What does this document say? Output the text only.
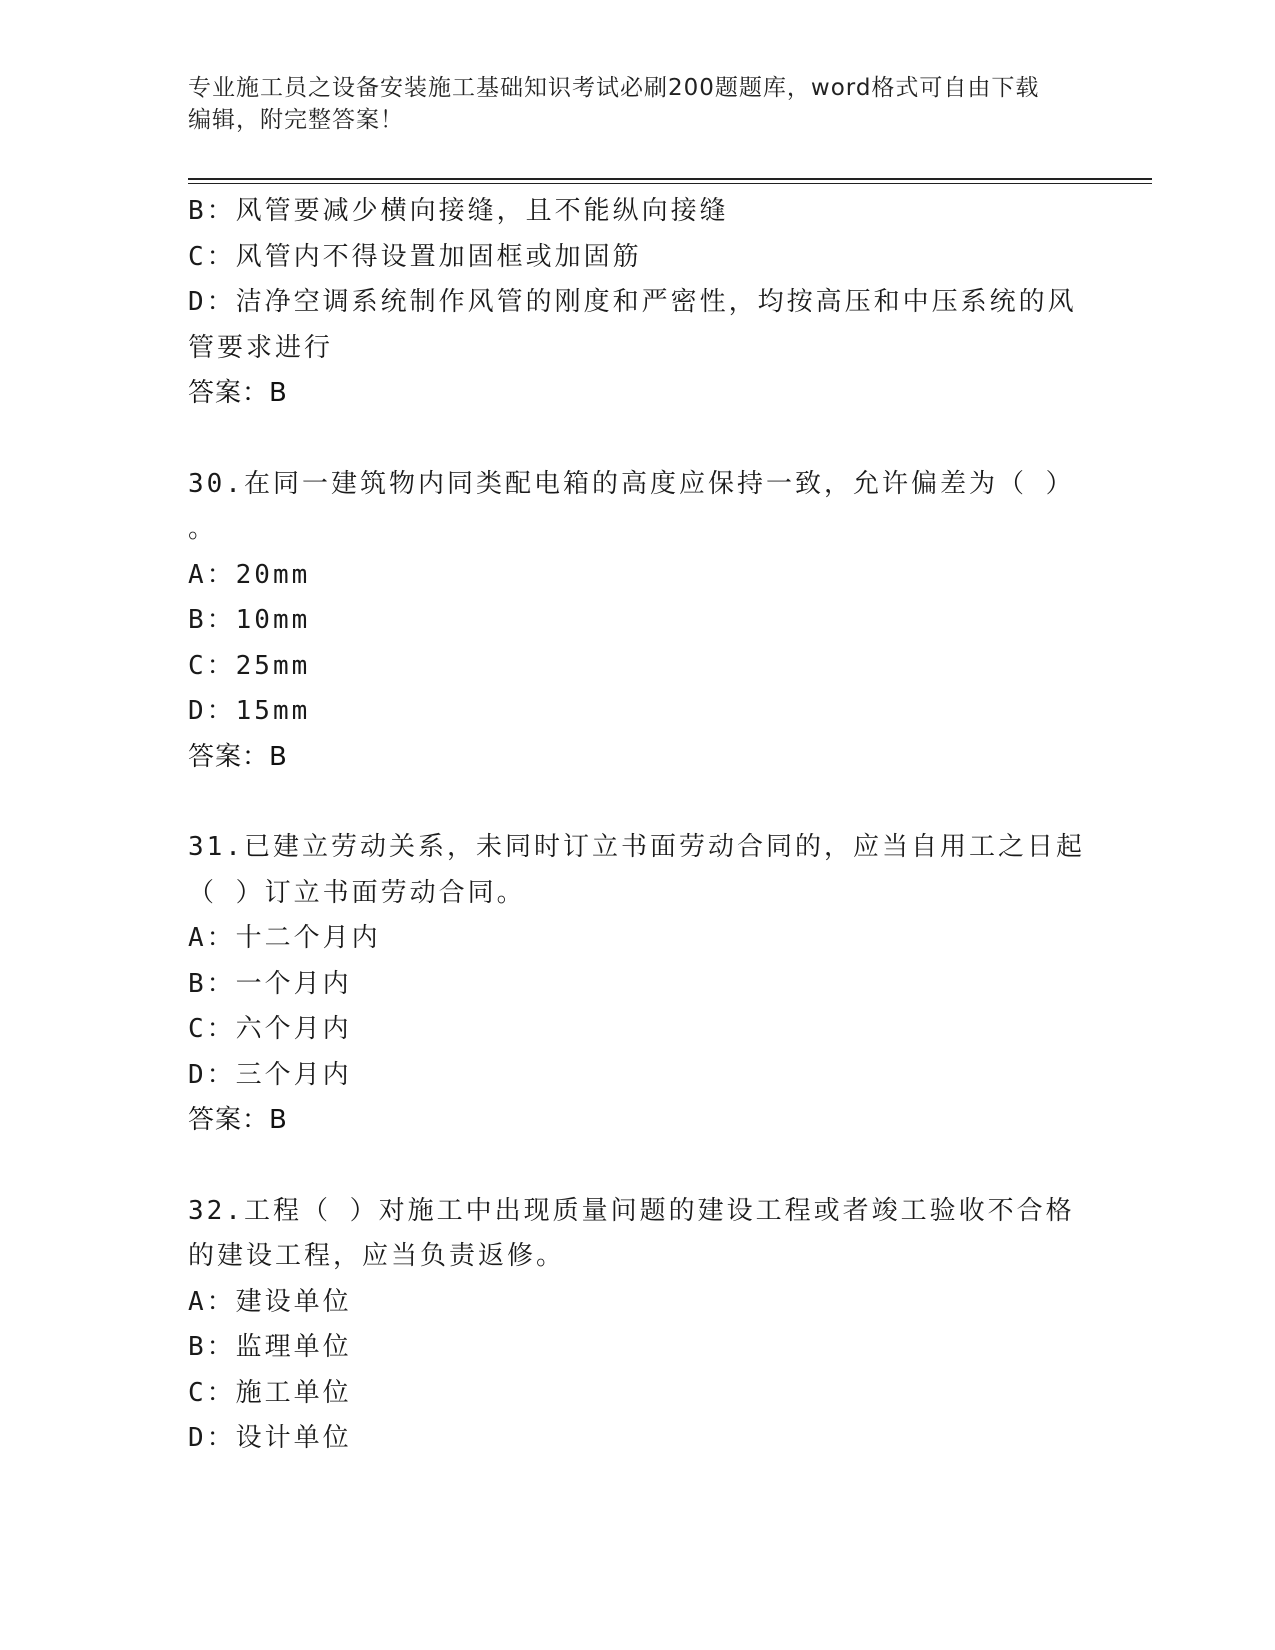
专业施工员之设备安装施工基础知识考试必刷200题题库，word格式可自由下载
编辑，附完整答案！
B：风管要减少横向接缝，且不能纵向接缝
C：风管内不得设置加固框或加固筋
D：洁净空调系统制作风管的刚度和严密性，均按高压和中压系统的风
管要求进行
答案：B
30.在同一建筑物内同类配电箱的高度应保持一致，允许偏差为（ ）
。
A：20mm
B：10mm
C：25mm
D：15mm
答案：B
31.已建立劳动关系，未同时订立书面劳动合同的，应当自用工之日起
（ ）订立书面劳动合同。
A：十二个月内
B：一个月内
C：六个月内
D：三个月内
答案：B
32.工程（ ）对施工中出现质量问题的建设工程或者竣工验收不合格
的建设工程，应当负责返修。
A：建设单位
B：监理单位
C：施工单位
D：设计单位
